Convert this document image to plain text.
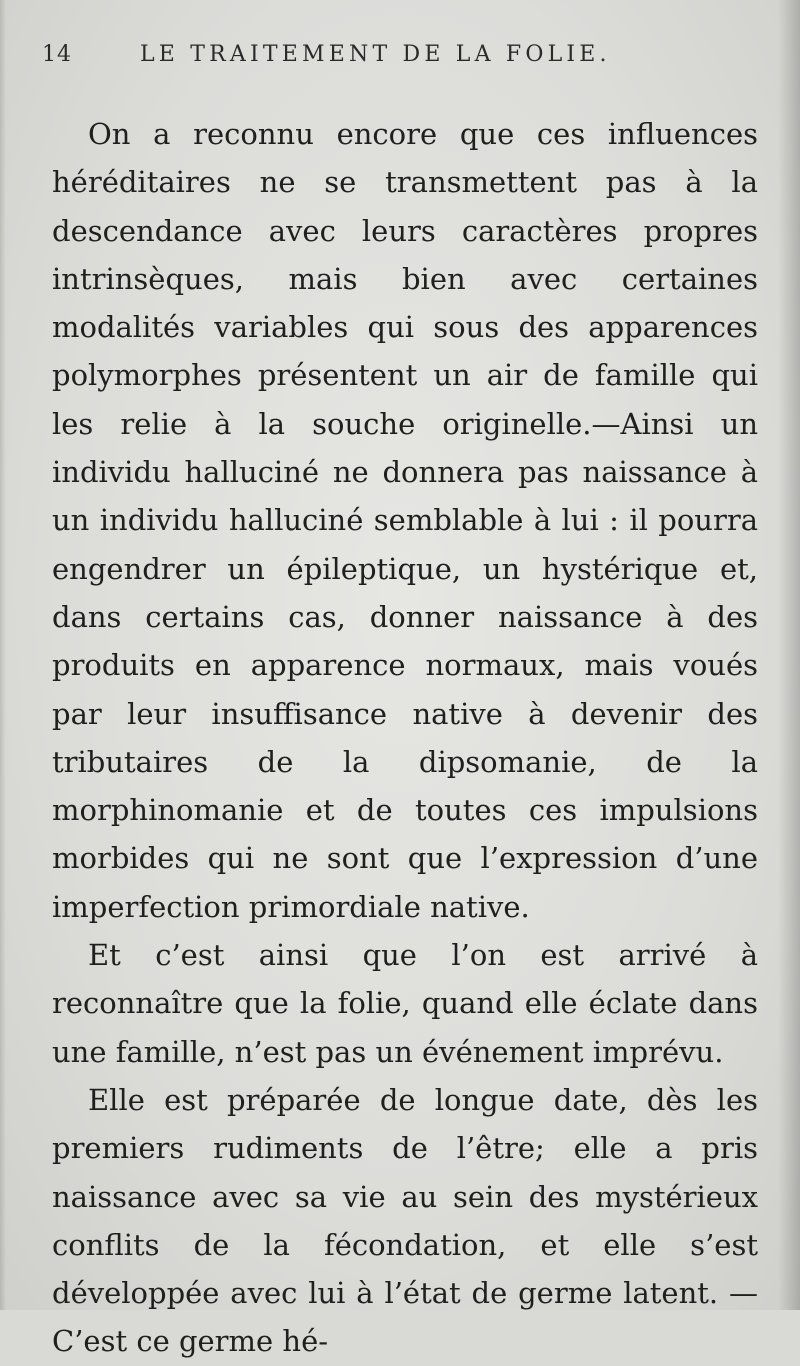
14	LE TRAITEMENT DE LA FOLIE.

On a reconnu encore que ces influences héréditaires ne se transmettent pas à la descendance avec leurs caractères propres intrinsèques, mais bien avec certaines modalités variables qui sous des apparences polymorphes présentent un air de famille qui les relie à la souche originelle.—Ainsi un individu halluciné ne donnera pas naissance à un individu halluciné semblable à lui : il pourra engendrer un épileptique, un hystérique et, dans certains cas, donner naissance à des produits en apparence normaux, mais voués par leur insuffisance native à devenir des tributaires de la dipsomanie, de la morphinomanie et de toutes ces impulsions morbides qui ne sont que l’expression d’une imperfection primordiale native.

Et c’est ainsi que l’on est arrivé à reconnaître que la folie, quand elle éclate dans une famille, n’est pas un événement imprévu.

Elle est préparée de longue date, dès les premiers rudiments de l’être; elle a pris naissance avec sa vie au sein des mystérieux conflits de la fécondation, et elle s’est développée avec lui à l’état de germe latent. — C’est ce germe hé-
